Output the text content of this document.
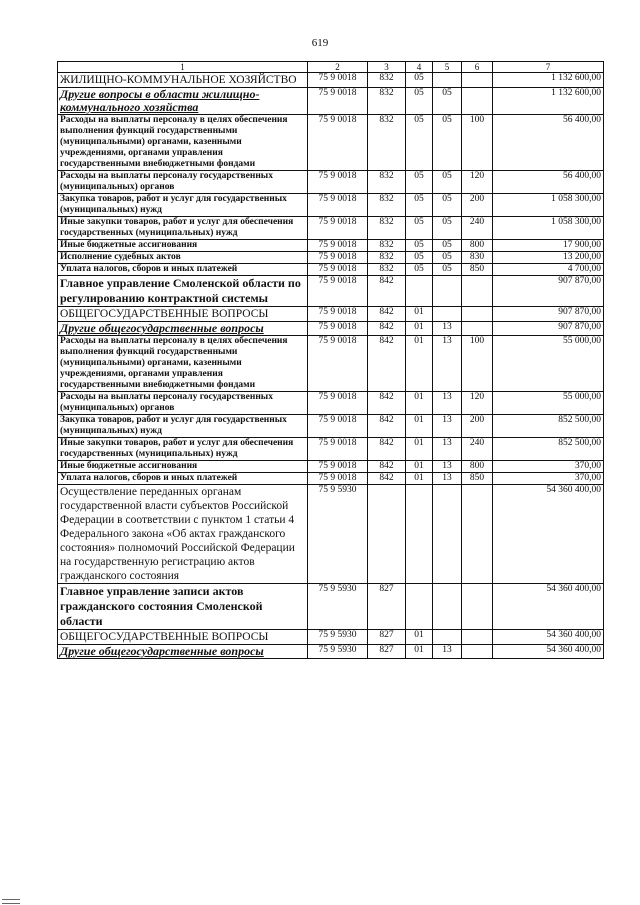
619
1	2	3	4	5	6	7
ЖИЛИЩНО-КОММУНАЛЬНОЕ ХОЗЯЙСТВО	75 9 0018	832	05			1 132 600,00
Другие вопросы в области жилищно-коммунального хозяйства	75 9 0018	832	05	05		1 132 600,00
Расходы на выплаты персоналу в целях обеспечения выполнения функций государственными (муниципальными) органами, казенными учреждениями, органами управления государственными внебюджетными фондами	75 9 0018	832	05	05	100	56 400,00
Расходы на выплаты персоналу государственных (муниципальных) органов	75 9 0018	832	05	05	120	56 400,00
Закупка товаров, работ и услуг для государственных (муниципальных) нужд	75 9 0018	832	05	05	200	1 058 300,00
Иные закупки товаров, работ и услуг для обеспечения государственных (муниципальных) нужд	75 9 0018	832	05	05	240	1 058 300,00
Иные бюджетные ассигнования	75 9 0018	832	05	05	800	17 900,00
Исполнение судебных актов	75 9 0018	832	05	05	830	13 200,00
Уплата налогов, сборов и иных платежей	75 9 0018	832	05	05	850	4 700,00
Главное управление Смоленской области по регулированию контрактной системы	75 9 0018	842				907 870,00
ОБЩЕГОСУДАРСТВЕННЫЕ ВОПРОСЫ	75 9 0018	842	01			907 870,00
Другие общегосударственные вопросы	75 9 0018	842	01	13		907 870,00
Расходы на выплаты персоналу в целях обеспечения выполнения функций государственными (муниципальными) органами, казенными учреждениями, органами управления государственными внебюджетными фондами	75 9 0018	842	01	13	100	55 000,00
Расходы на выплаты персоналу государственных (муниципальных) органов	75 9 0018	842	01	13	120	55 000,00
Закупка товаров, работ и услуг для государственных (муниципальных) нужд	75 9 0018	842	01	13	200	852 500,00
Иные закупки товаров, работ и услуг для обеспечения государственных (муниципальных) нужд	75 9 0018	842	01	13	240	852 500,00
Иные бюджетные ассигнования	75 9 0018	842	01	13	800	370,00
Уплата налогов, сборов и иных платежей	75 9 0018	842	01	13	850	370,00
Осуществление переданных органам государственной власти субъектов Российской Федерации в соответствии с пунктом 1 статьи 4 Федерального закона «Об актах гражданского состояния» полномочий Российской Федерации на государственную регистрацию актов гражданского состояния	75 9 5930					54 360 400,00
Главное управление записи актов гражданского состояния Смоленской области	75 9 5930	827				54 360 400,00
ОБЩЕГОСУДАРСТВЕННЫЕ ВОПРОСЫ	75 9 5930	827	01			54 360 400,00
Другие общегосударственные вопросы	75 9 5930	827	01	13		54 360 400,00
